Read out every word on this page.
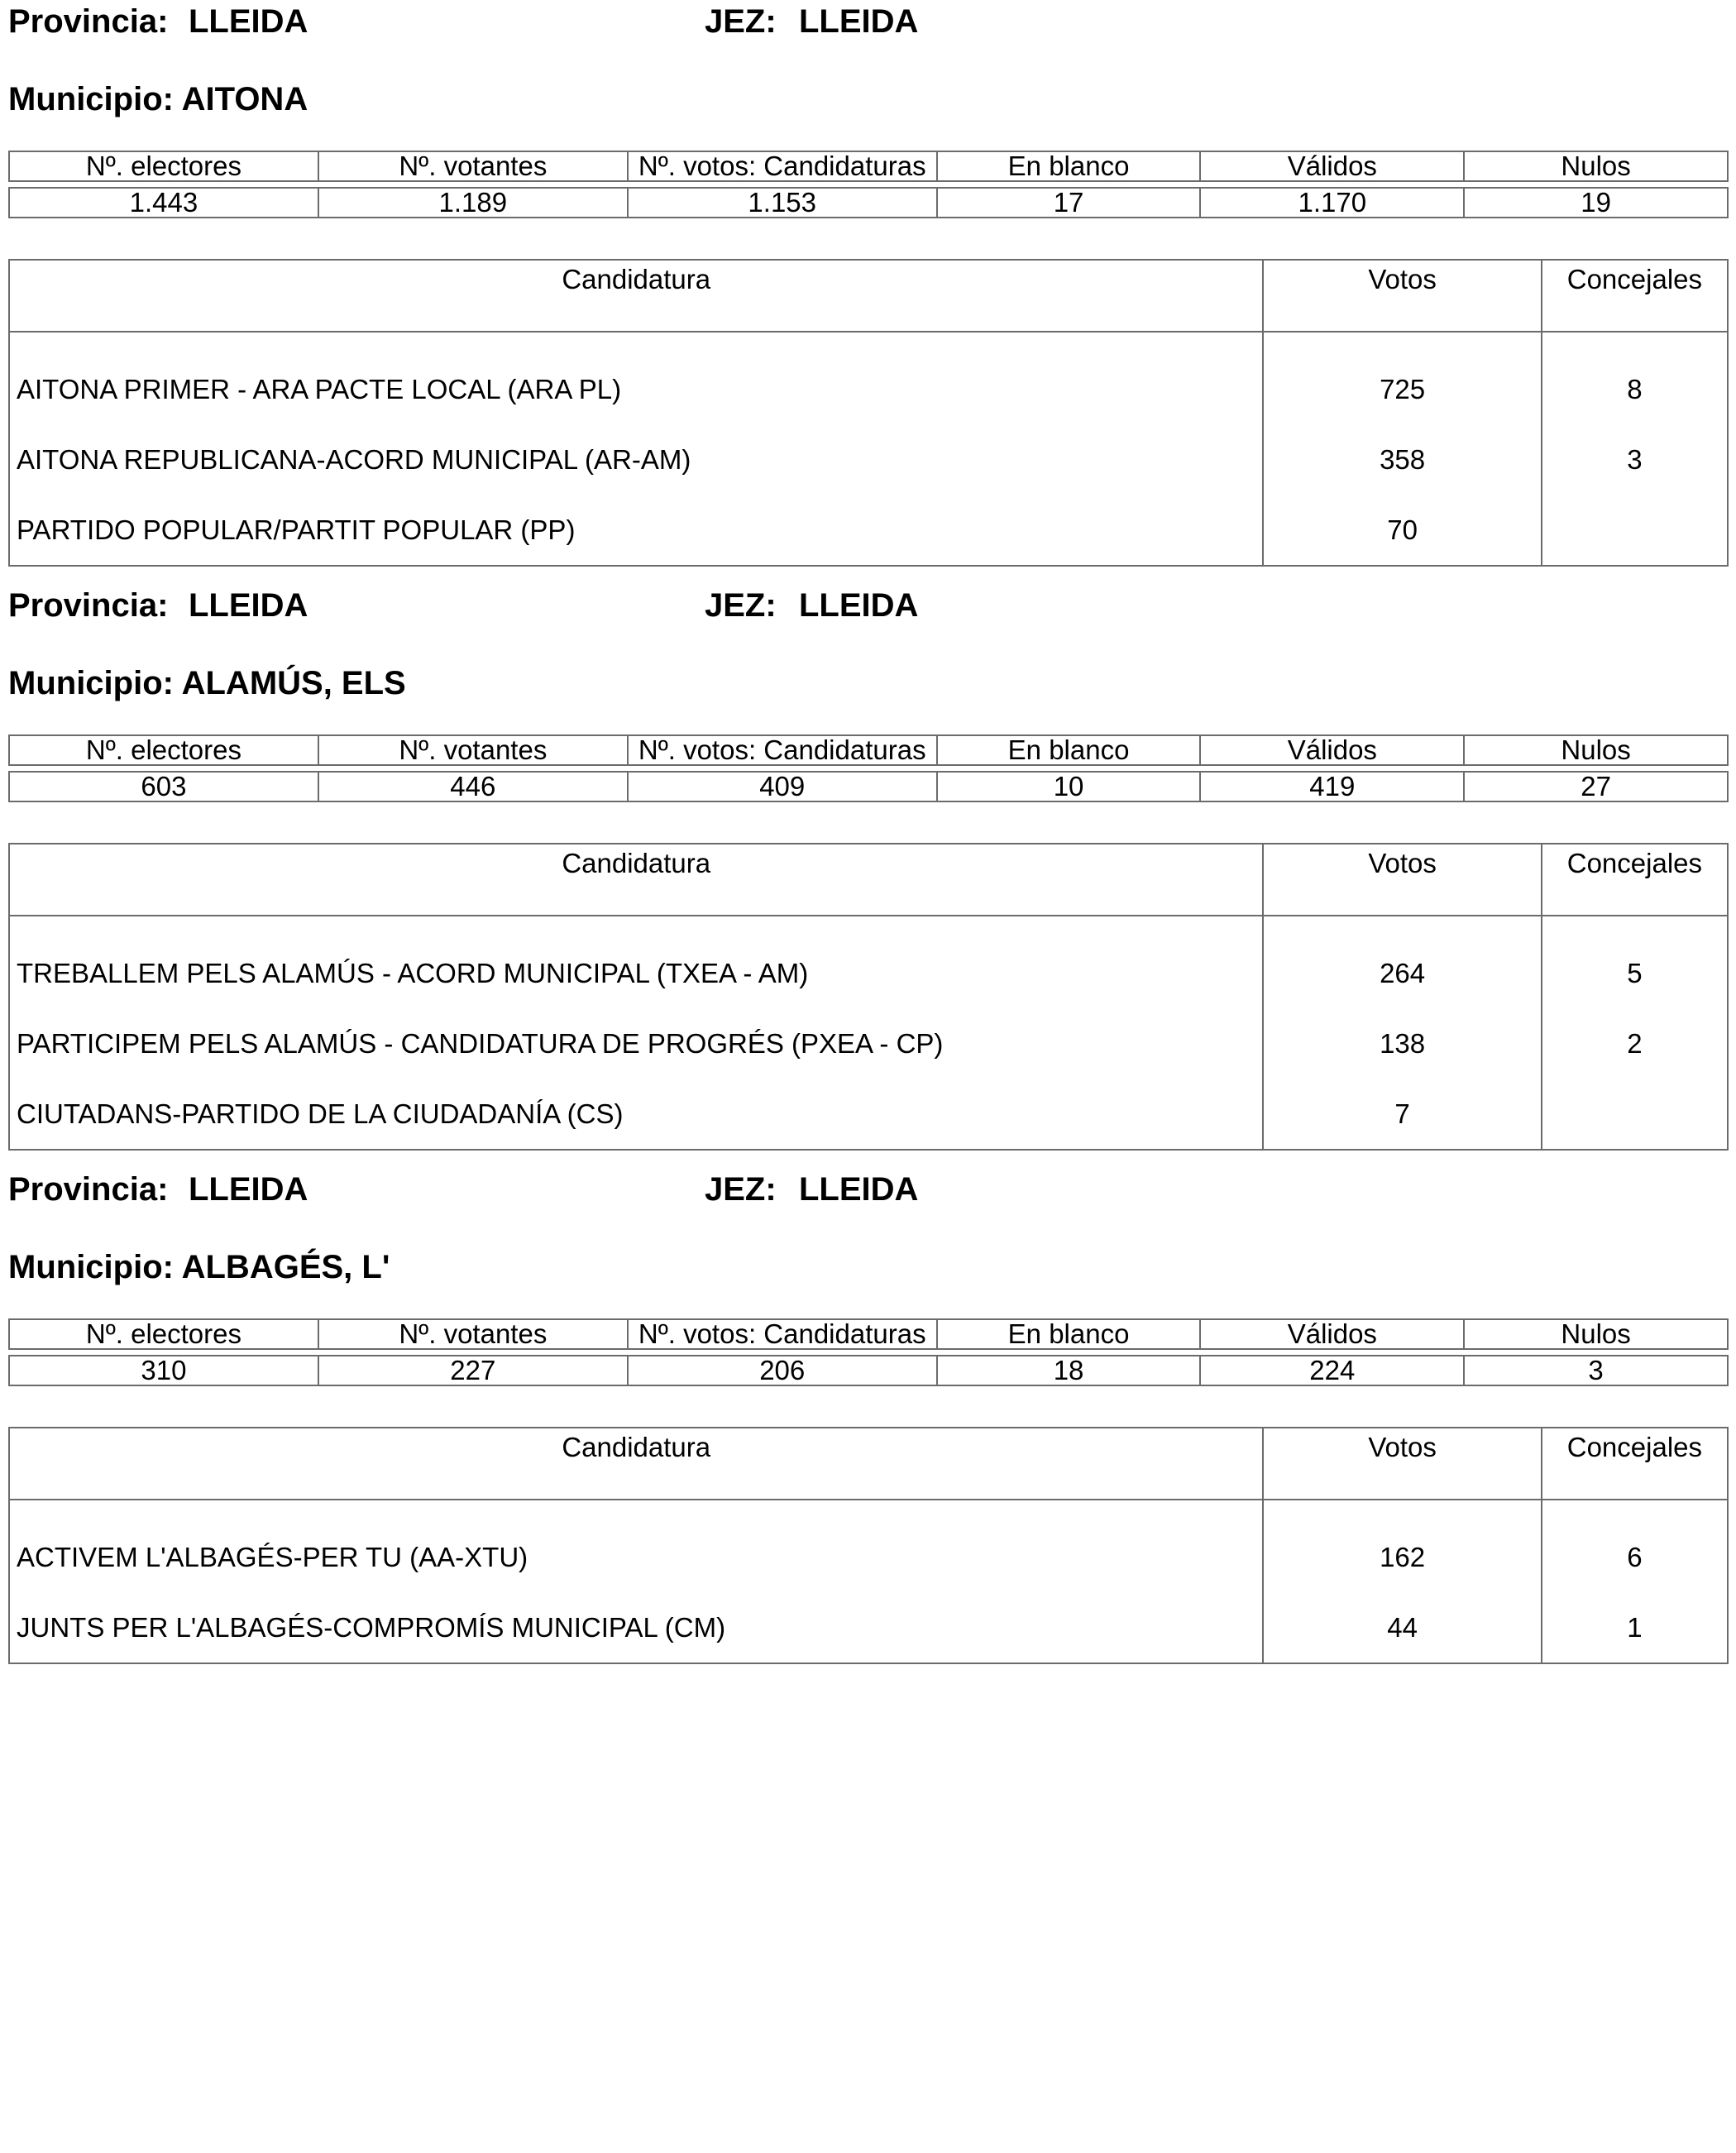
Provincia: LLEIDA	JEZ: LLEIDA
Municipio: AITONA
Nº. electores	Nº. votantes	Nº. votos: Candidaturas	En blanco	Válidos	Nulos

1.443	1.189	1.153	17	1.170	19
Candidatura	Votos	Concejales
AITONA PRIMER - ARA PACTE LOCAL (ARA PL)	725	8
AITONA REPUBLICANA-ACORD MUNICIPAL (AR-AM)	358	3
PARTIDO POPULAR/PARTIT POPULAR (PP)	70	
Provincia: LLEIDA	JEZ: LLEIDA
Municipio: ALAMÚS, ELS
Nº. electores	Nº. votantes	Nº. votos: Candidaturas	En blanco	Válidos	Nulos

603	446	409	10	419	27
Candidatura	Votos	Concejales
TREBALLEM PELS ALAMÚS - ACORD MUNICIPAL (TXEA - AM)	264	5
PARTICIPEM PELS ALAMÚS - CANDIDATURA DE PROGRÉS (PXEA - CP)	138	2
CIUTADANS-PARTIDO DE LA CIUDADANÍA (CS)	7	
Provincia: LLEIDA	JEZ: LLEIDA
Municipio: ALBAGÉS, L'
Nº. electores	Nº. votantes	Nº. votos: Candidaturas	En blanco	Válidos	Nulos

310	227	206	18	224	3
Candidatura	Votos	Concejales
ACTIVEM L'ALBAGÉS-PER TU (AA-XTU)	162	6
JUNTS PER L'ALBAGÉS-COMPROMÍS MUNICIPAL (CM)	44	1
